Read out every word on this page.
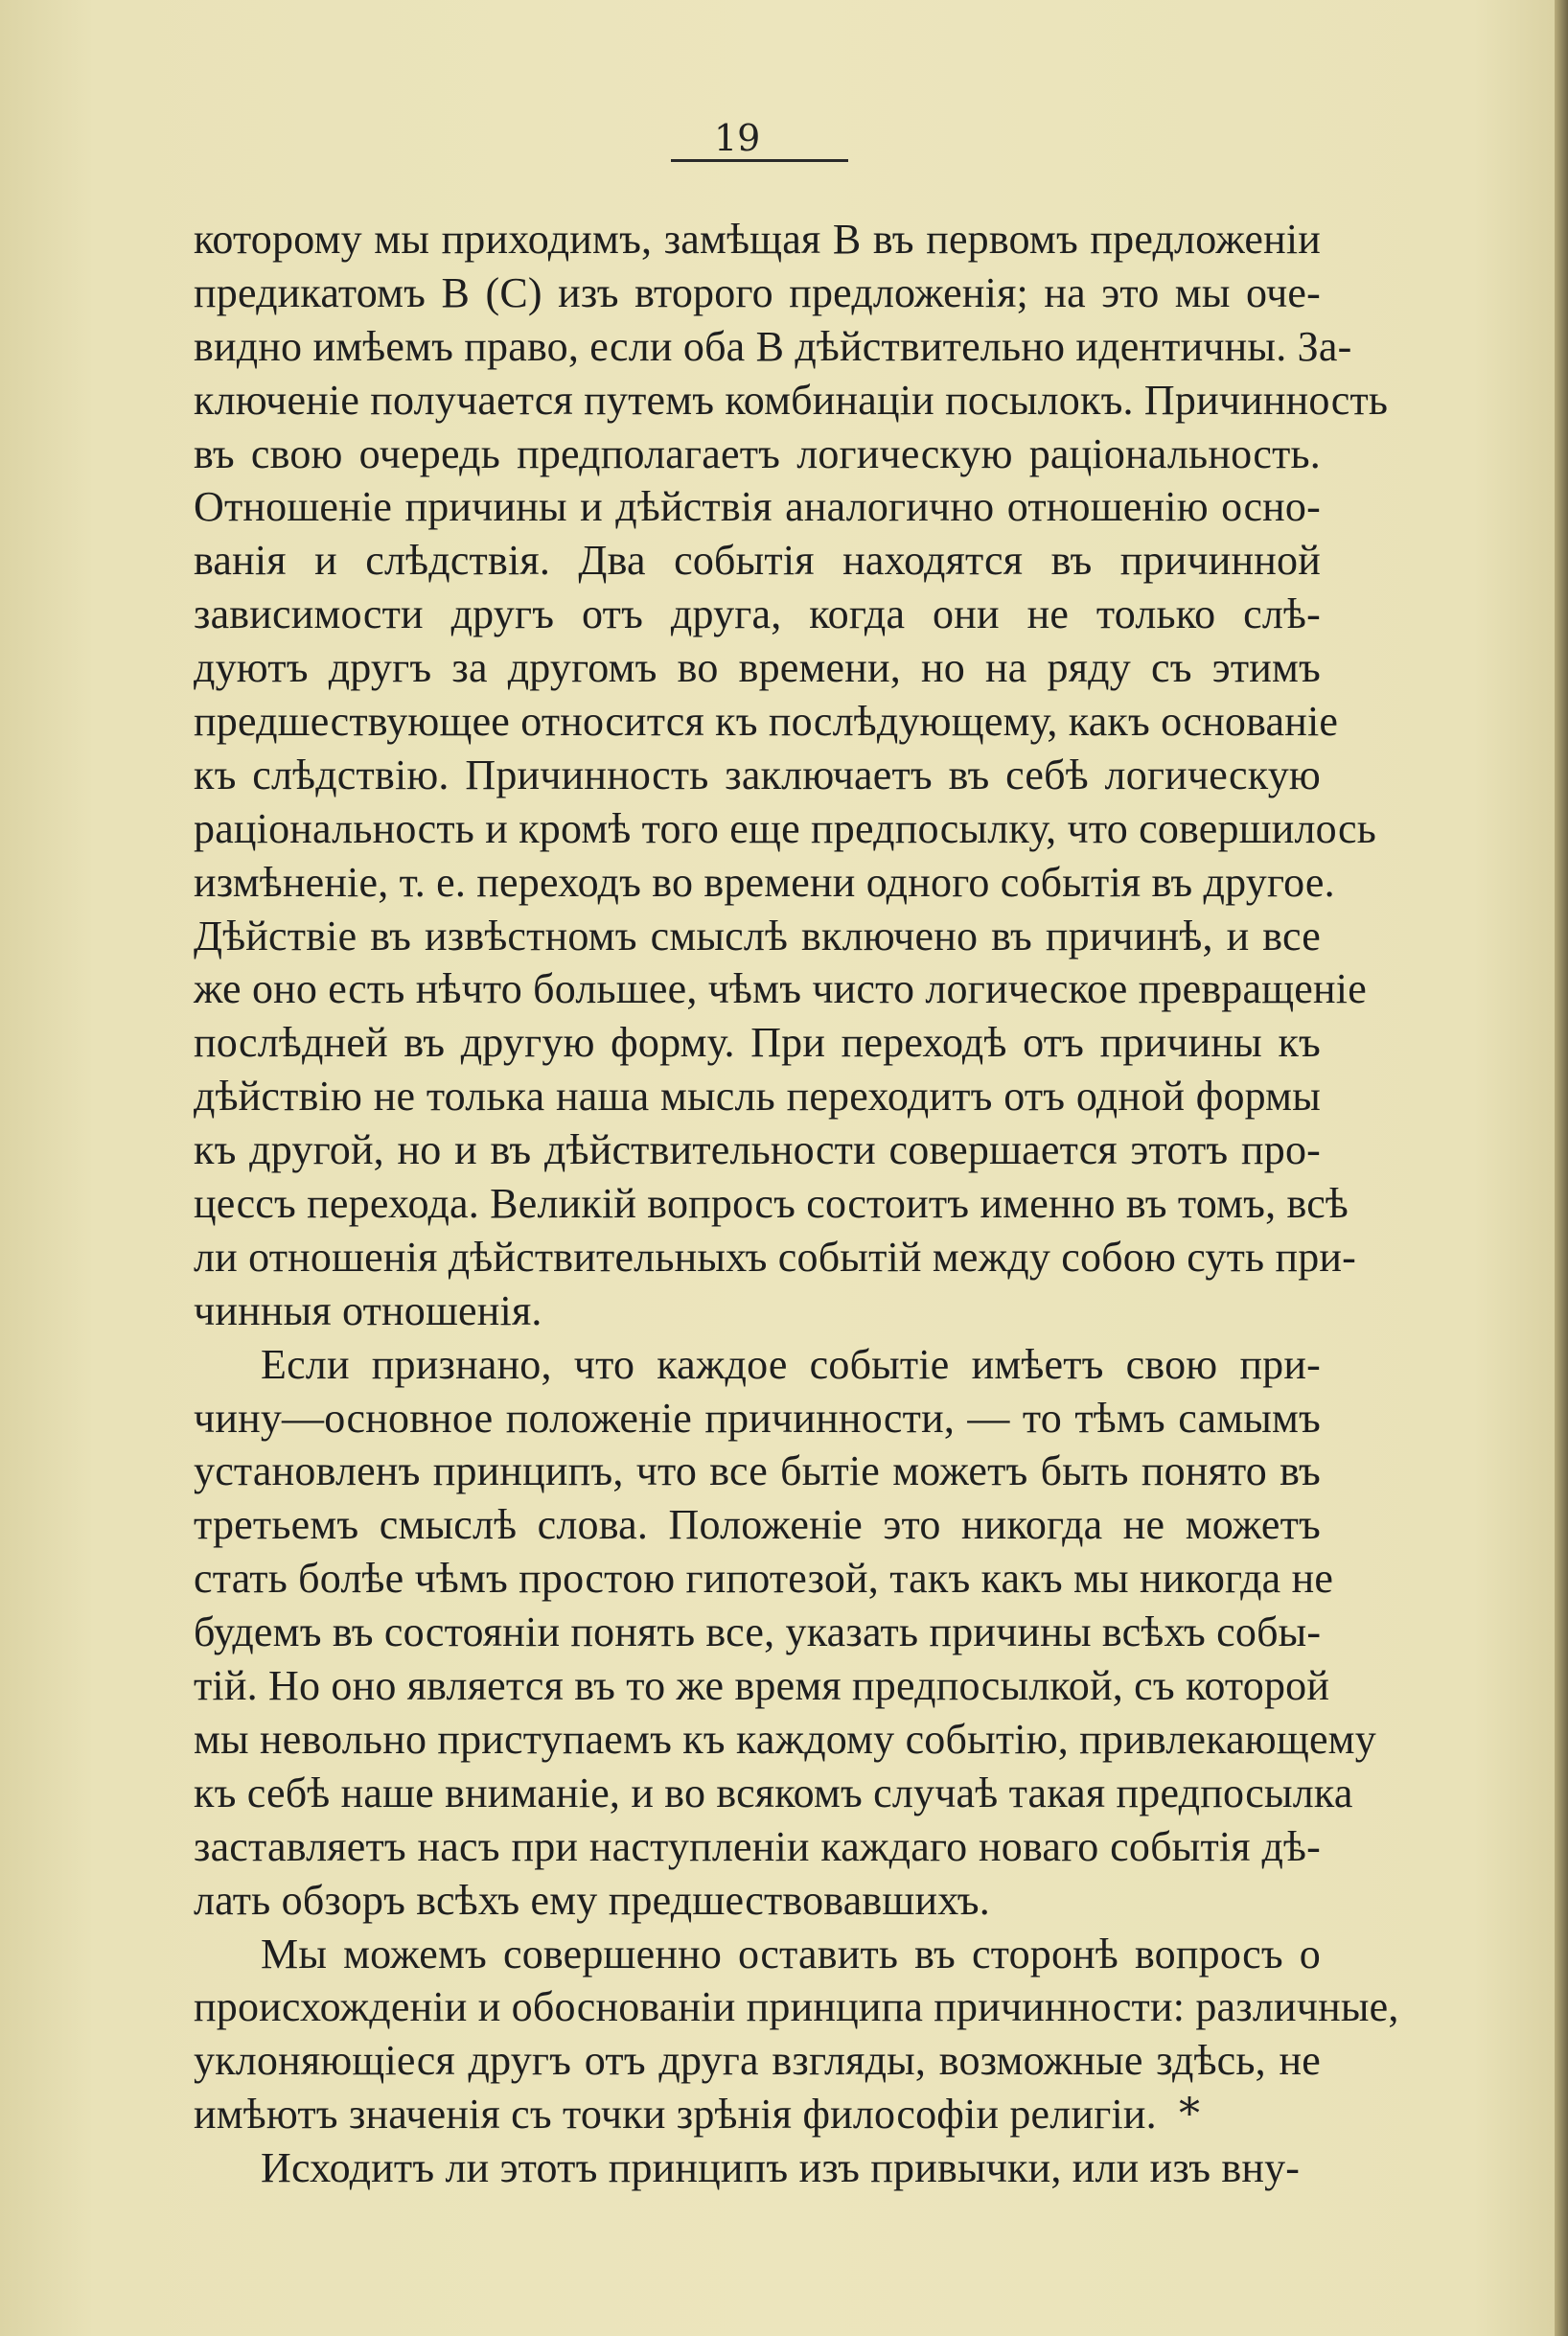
19
которому мы приходимъ, замѣщая В въ первомъ предложенiи
предикатомъ В (С) изъ второго предложенiя; на это мы оче-
видно имѣемъ право, если оба В дѣйствительно идентичны. За-
ключенiе получается путемъ комбинацiи посылокъ. Причинность
въ свою очередь предполагаетъ логическую рацiональность.
Отношенiе причины и дѣйствiя аналогично отношенiю осно-
ванiя и слѣдствiя. Два событiя находятся въ причинной
зависимости другъ отъ друга, когда они не только слѣ-
дуютъ другъ за другомъ во времени, но на ряду съ этимъ
предшествующее относится къ послѣдующему, какъ основанiе
къ слѣдствiю. Причинность заключаетъ въ себѣ логическую
рацiональность и кромѣ того еще предпосылку, что совершилось
измѣненiе, т. е. переходъ во времени одного событiя въ другое.
Дѣйствiе въ извѣстномъ смыслѣ включено въ причинѣ, и все
же оно есть нѣчто большее, чѣмъ чисто логическое превращенiе
послѣдней въ другую форму. При переходѣ отъ причины къ
дѣйствiю не толька наша мысль переходитъ отъ одной формы
къ другой, но и въ дѣйствительности совершается этотъ про-
цессъ перехода. Великiй вопросъ состоитъ именно въ томъ, всѣ
ли отношенiя дѣйствительныхъ событiй между собою суть при-
чинныя отношенiя.
Если признано, что каждое событiе имѣетъ свою при-
чину—основное положенiе причинности, — то тѣмъ самымъ
установленъ принципъ, что все бытiе можетъ быть понято въ
третьемъ смыслѣ слова. Положенiе это никогда не можетъ
стать болѣе чѣмъ простою гипотезой, такъ какъ мы никогда не
будемъ въ состоянiи понять все, указать причины всѣхъ собы-
тiй. Но оно является въ то же время предпосылкой, съ которой
мы невольно приступаемъ къ каждому событiю, привлекающему
къ себѣ наше вниманiе, и во всякомъ случаѣ такая предпосылка
заставляетъ насъ при наступленiи каждаго новаго событiя дѣ-
лать обзоръ всѣхъ ему предшествовавшихъ.
Мы можемъ совершенно оставить въ сторонѣ вопросъ о
происхожденiи и обоснованiи принципа причинности: различные,
уклоняющiеся другъ отъ друга взгляды, возможные здѣсь, не
имѣютъ значенiя съ точки зрѣнiя философiи религiи.
Исходитъ ли этотъ принципъ изъ привычки, или изъ вну-
*
